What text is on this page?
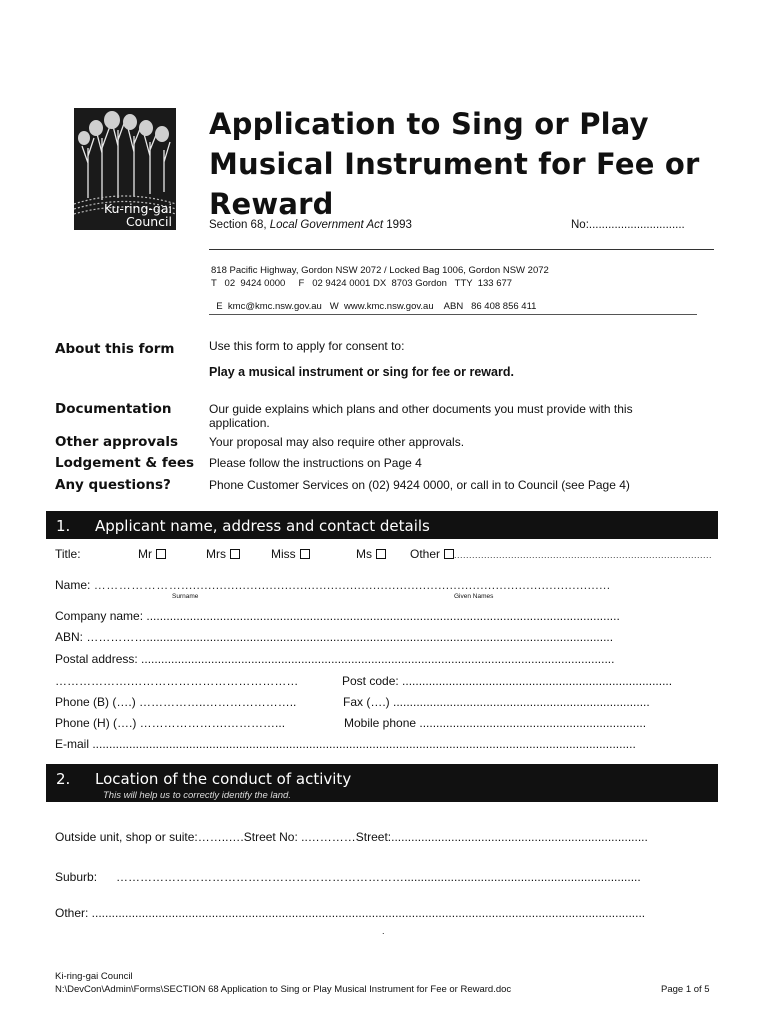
Ku-ring-gai
Council
Application to Sing or Play
Musical Instrument for Fee or
Reward
Section 68, Local Government Act 1993	No:..............................
818 Pacific Highway, Gordon NSW 2072 / Locked Bag 1006, Gordon NSW 2072
T   02  9424 0000     F   02 9424 0001 DX  8703 Gordon   TTY  133 677

E  kmc@kmc.nsw.gov.au   W  www.kmc.nsw.gov.au    ABN   86 408 856 411

About this form	Use this form to apply for consent to:
Play a musical instrument or sing for fee or reward.
Documentation	Our guide explains which plans and other documents you must provide with this application.
Other approvals	Your proposal may also require other approvals.
Lodgement & fees Please follow the instructions on Page 4
Any questions?	Phone Customer Services on (02) 9424 0000, or call in to Council (see Page 4)
1. Applicant name, address and contact details
Title:	Mr	Mrs	Miss	Ms	Other ......................................................................................
Name: …………………................................................................................................................
Surname	Given Names
Company name: ..............................................................................................................................................
ABN: ……………............................................................................................................................................
Postal address: ..............................................................................................................................................
……………….……………………………………	Post code: .................................................................................
Phone (B) (….) ……………..…………………..	Fax (….) .............................................................................
Phone (H) (….) ………………….…………...	Mobile phone ....................................................................
E-mail ...................................................................................................................................................................
2. Location of the conduct of activity
This will help us to correctly identify the land.
Outside unit, shop or suite:……..….Street No: ..…………Street:.............................................................................
Suburb: ……………………………………………………………….......................................................................
Other: ......................................................................................................................................................................
.
Ki-ring-gai Council
N:\DevCon\Admin\Forms\SECTION 68 Application to Sing or Play Musical Instrument for Fee or Reward.doc	Page 1 of 5
